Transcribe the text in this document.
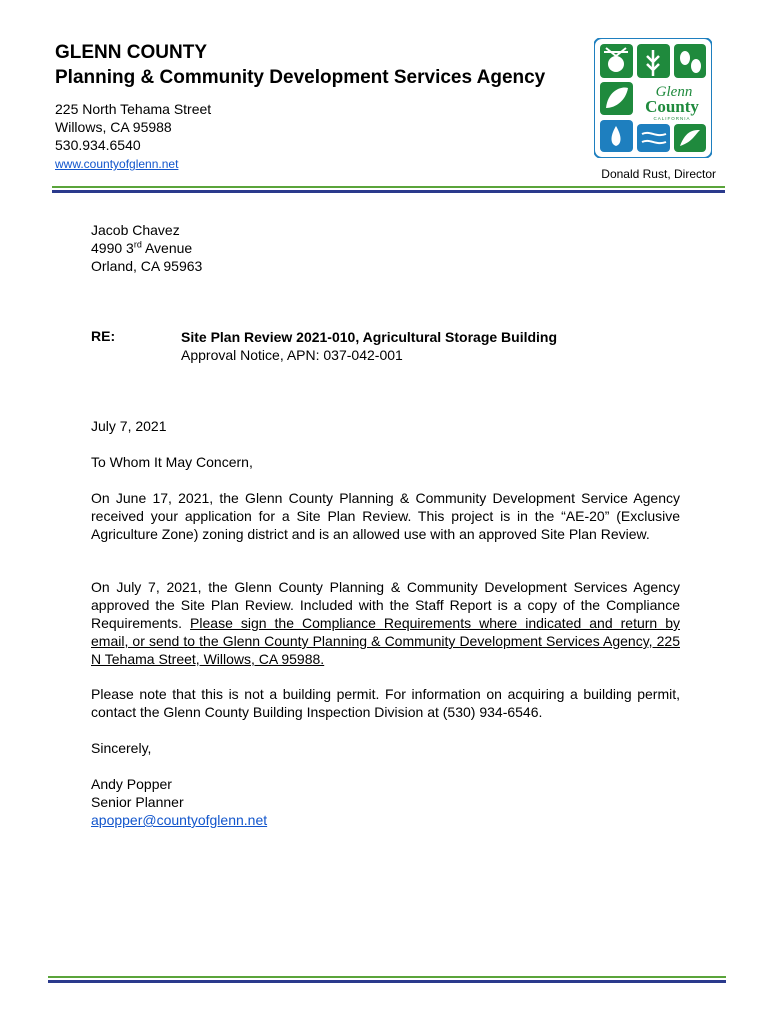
GLENN COUNTY
Planning & Community Development Services Agency
225 North Tehama Street
Willows, CA 95988
530.934.6540
www.countyofglenn.net
Donald Rust, Director
Glenn
County
CALIFORNIA
Jacob Chavez
4990 3rd Avenue
Orland, CA 95963
RE:	Site Plan Review 2021-010, Agricultural Storage Building
Approval Notice, APN: 037-042-001
July 7, 2021
To Whom It May Concern,
On June 17, 2021, the Glenn County Planning & Community Development Service Agency received your application for a Site Plan Review. This project is in the “AE-20” (Exclusive Agriculture Zone) zoning district and is an allowed use with an approved Site Plan Review.
On July 7, 2021, the Glenn County Planning & Community Development Services Agency approved the Site Plan Review. Included with the Staff Report is a copy of the Compliance Requirements. Please sign the Compliance Requirements where indicated and return by email, or send to the Glenn County Planning & Community Development Services Agency, 225 N Tehama Street, Willows, CA 95988.
Please note that this is not a building permit. For information on acquiring a building permit, contact the Glenn County Building Inspection Division at (530) 934-6546.
Sincerely,
Andy Popper
Senior Planner
apopper@countyofglenn.net
